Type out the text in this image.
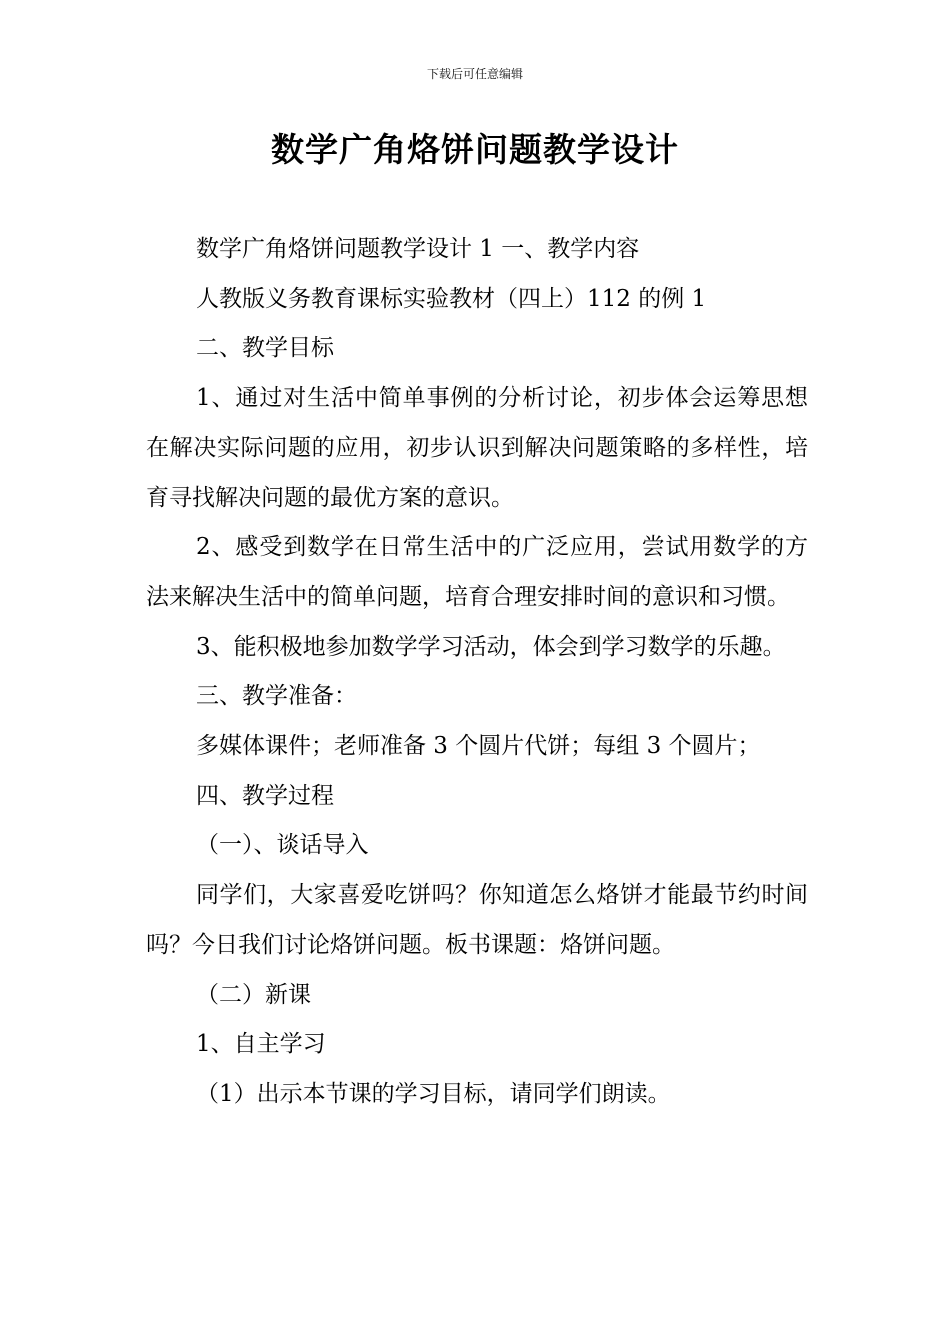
下载后可任意编辑
数学广角烙饼问题教学设计

数学广角烙饼问题教学设计 1 一、教学内容

人教版义务教育课标实验教材（四上）112 的例 1

二、教学目标

1、通过对生活中简单事例的分析讨论，初步体会运筹思想在解决实际问题的应用，初步认识到解决问题策略的多样性，培育寻找解决问题的最优方案的意识。

2、感受到数学在日常生活中的广泛应用，尝试用数学的方法来解决生活中的简单问题，培育合理安排时间的意识和习惯。

3、能积极地参加数学学习活动，体会到学习数学的乐趣。

三、教学准备：

多媒体课件；老师准备 3 个圆片代饼；每组 3 个圆片；

四、教学过程

（一）、谈话导入

同学们，大家喜爱吃饼吗？你知道怎么烙饼才能最节约时间吗？今日我们讨论烙饼问题。板书课题：烙饼问题。

（二）新课

1、自主学习

（1）出示本节课的学习目标，请同学们朗读。
